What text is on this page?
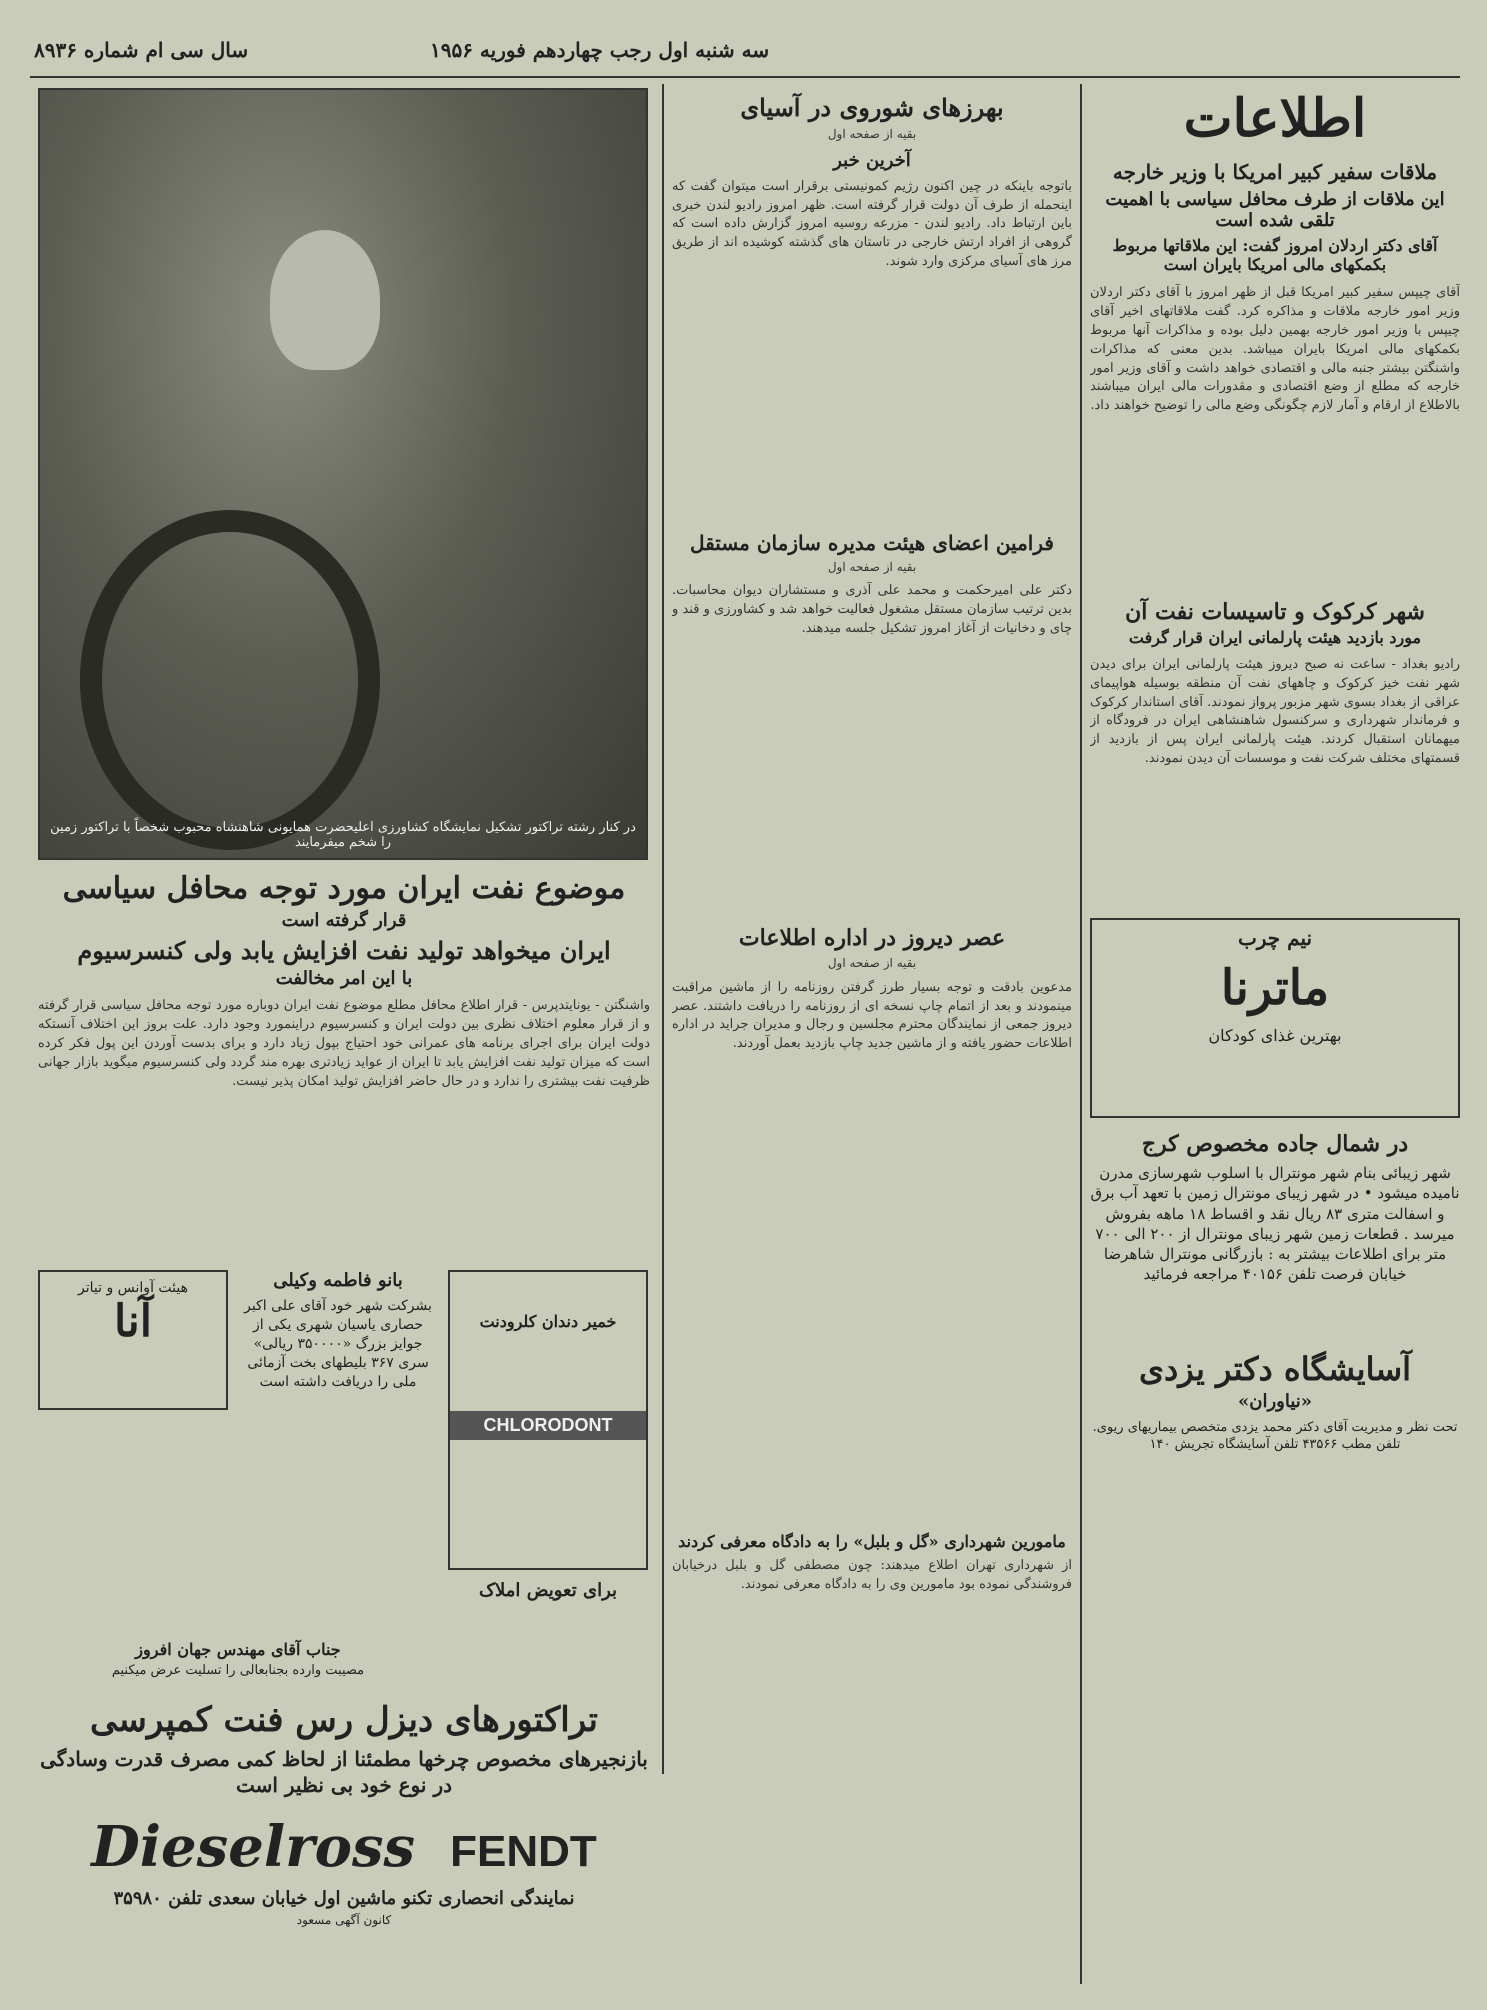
سال سی ام شماره ۸۹۳۶	سه شنبه اول رجب چهاردهم فوریه ۱۹۵۶
اطلاعات
ملاقات سفیر کبیر امریکا با وزیر خارجه
این ملاقات از طرف محافل سیاسی با اهمیت تلقی شده است
آقای دکتر اردلان امروز گفت: این ملاقاتها مربوط بکمکهای مالی امریکا بایران است
آقای چیپس سفیر کبیر امریکا قبل از ظهر امروز با آقای دکتر اردلان وزیر امور خارجه ملاقات و مذاکره کرد. گفت ملاقاتهای اخیر آقای چیپس با وزیر امور خارجه بهمین دلیل بوده و مذاکرات آنها مربوط بکمکهای مالی امریکا بایران میباشد. بدین معنی که مذاکرات واشنگتن بیشتر جنبه مالی و اقتصادی خواهد داشت و آقای وزیر امور خارجه که مطلع از وضع اقتصادی و مقدورات مالی ایران میباشند بالاطلاع از ارقام و آمار لازم چگونگی وضع مالی را توضیح خواهند داد.
شهر کرکوک و تاسیسات نفت آن
مورد بازدید هیئت پارلمانی ایران قرار گرفت
رادیو بغداد - ساعت نه صبح دیروز هیئت پارلمانی ایران برای دیدن شهر نفت خیز کرکوک و چاههای نفت آن منطقه بوسیله هواپیمای عراقی از بغداد بسوی شهر مزبور پرواز نمودند. آقای استاندار کرکوک و فرماندار شهرداری و سرکنسول شاهنشاهی ایران در فرودگاه از میهمانان استقبال کردند. هیئت پارلمانی ایران پس از بازدید از قسمتهای مختلف شرکت نفت و موسسات آن دیدن نمودند.
نیم چرب
ماترنا
بهترین غذای کودکان
در شمال جاده مخصوص کرج
شهر زیبائی بنام شهر مونترال با اسلوب شهرسازی مدرن نامیده میشود • در شهر زیبای مونترال زمین با تعهد آب برق و اسفالت متری ۸۳ ریال نقد و اقساط ۱۸ ماهه بفروش میرسد . قطعات زمین شهر زیبای مونترال از ۲۰۰ الی ۷۰۰ متر برای اطلاعات بیشتر به : بازرگانی مونترال شاهرضا خیابان فرصت تلفن ۴۰۱۵۶ مراجعه فرمائید
آسایشگاه دکتر یزدی
«نیاوران»
تحت نظر و مدیریت آقای دکتر محمد یزدی متخصص بیماریهای ریوی. تلفن مطب ۴۳۵۶۶ تلفن آسایشگاه تجریش ۱۴۰
بهرزهای شوروی در آسیای
بقیه از صفحه اول
آخرین خبر
باتوجه باینکه در چین اکنون رژیم کمونیستی برقرار است میتوان گفت که اینحمله از طرف آن دولت قرار گرفته است. ظهر امروز رادیو لندن خبری باین ارتباط داد. رادیو لندن - مزرعه روسیه امروز گزارش داده است که گروهی از افراد ارتش خارجی در تاستان های گذشته کوشیده اند از طریق مرز های آسیای مرکزی وارد شوند.
فرامین اعضای هیئت مدیره سازمان مستقل
بقیه از صفحه اول
دکتر علی امیرحکمت و محمد علی آذری و مستشاران دیوان محاسبات. بدین ترتیب سازمان مستقل مشغول فعالیت خواهد شد و کشاورزی و قند و چای و دخانیات از آغاز امروز تشکیل جلسه میدهند.
عصر دیروز در اداره اطلاعات
بقیه از صفحه اول
مدعوین بادقت و توجه بسیار طرز گرفتن روزنامه را از ماشین مراقبت مینمودند و بعد از اتمام چاپ نسخه ای از روزنامه را دریافت داشتند. عصر دیروز جمعی از نمایندگان محترم مجلسین و رجال و مدیران جراید در اداره اطلاعات حضور یافته و از ماشین جدید چاپ بازدید بعمل آوردند.
مامورین شهرداری «گل و بلبل» را به دادگاه معرفی کردند
از شهرداری تهران اطلاع میدهند: چون مصطفی گل و بلبل درخیابان فروشندگی نموده بود مامورین وی را به دادگاه معرفی نمودند.
در کنار رشته تراکتور تشکیل نمایشگاه کشاورزی اعلیحضرت همایونی شاهنشاه محبوب شخصاً با تراکتور زمین را شخم میفرمایند
موضوع نفت ایران مورد توجه محافل سیاسی
قرار گرفته است
ایران میخواهد تولید نفت افزایش یابد ولی کنسرسیوم
با این امر مخالفت
واشنگتن - یونایتدپرس - قرار اطلاع محافل مطلع موضوع نفت ایران دوباره مورد توجه محافل سیاسی قرار گرفته و از قرار معلوم اختلاف نظری بین دولت ایران و کنسرسیوم دراینمورد وجود دارد. علت بروز این اختلاف آنستکه دولت ایران برای اجرای برنامه های عمرانی خود احتیاج بپول زیاد دارد و برای بدست آوردن این پول فکر کرده است که میزان تولید نفت افزایش یابد تا ایران از عواید زیادتری بهره مند گردد ولی کنسرسیوم میگوید بازار جهانی ظرفیت نفت بیشتری را ندارد و در حال حاضر افزایش تولید امکان پذیر نیست.
هیئت آوانس و تیاتر
آنا
بانو فاطمه وکیلی
بشرکت شهر خود آقای علی اکبر حصاری یاسیان شهری یکی از جوایز بزرگ «۳۵۰۰۰۰ ریالی» سری ۳۶۷ بلیطهای بخت آزمائی ملی را دریافت داشته است
خمیر دندان کلرودنت
CHLORODONT
جناب آقای مهندس جهان افروز
مصیبت وارده بجنابعالی را تسلیت عرض میکنیم
برای تعویض املاک
تراکتورهای دیزل رس فنت کمپرسی
بازنجیرهای مخصوص چرخها مطمئنا از لحاظ کمی مصرف قدرت وسادگی در نوع خود بی نظیر است
Dieselross FENDT
نمایندگی انحصاری تکنو ماشین اول خیابان سعدی تلفن ۳۵۹۸۰
کانون آگهی مسعود
